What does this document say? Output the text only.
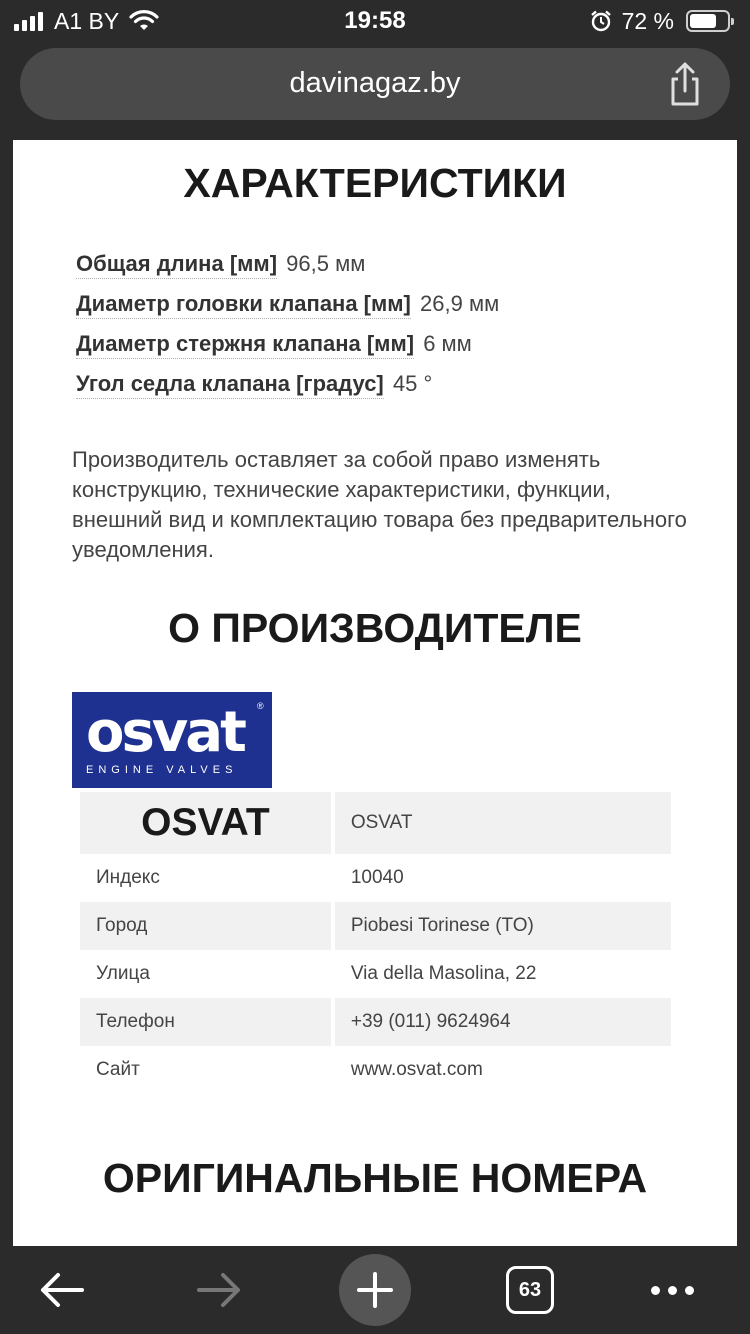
A1 BY	19:58	72 %
davinagaz.by
ХАРАКТЕРИСТИКИ
Общая длина [мм] 96,5 мм
Диаметр головки клапана [мм] 26,9 мм
Диаметр стержня клапана [мм] 6 мм
Угол седла клапана [градус] 45 °

Производитель оставляет за собой право изменять конструкцию, технические характеристики, функции, внешний вид и комплектацию товара без предварительного уведомления.

О ПРОИЗВОДИТЕЛЕ
osvat ®
ENGINE VALVES
OSVAT	OSVAT
Индекс	10040
Город	Piobesi Torinese (TO)
Улица	Via della Masolina, 22
Телефон	+39 (011) 9624964
Сайт	www.osvat.com
ОРИГИНАЛЬНЫЕ НОМЕРА
63
